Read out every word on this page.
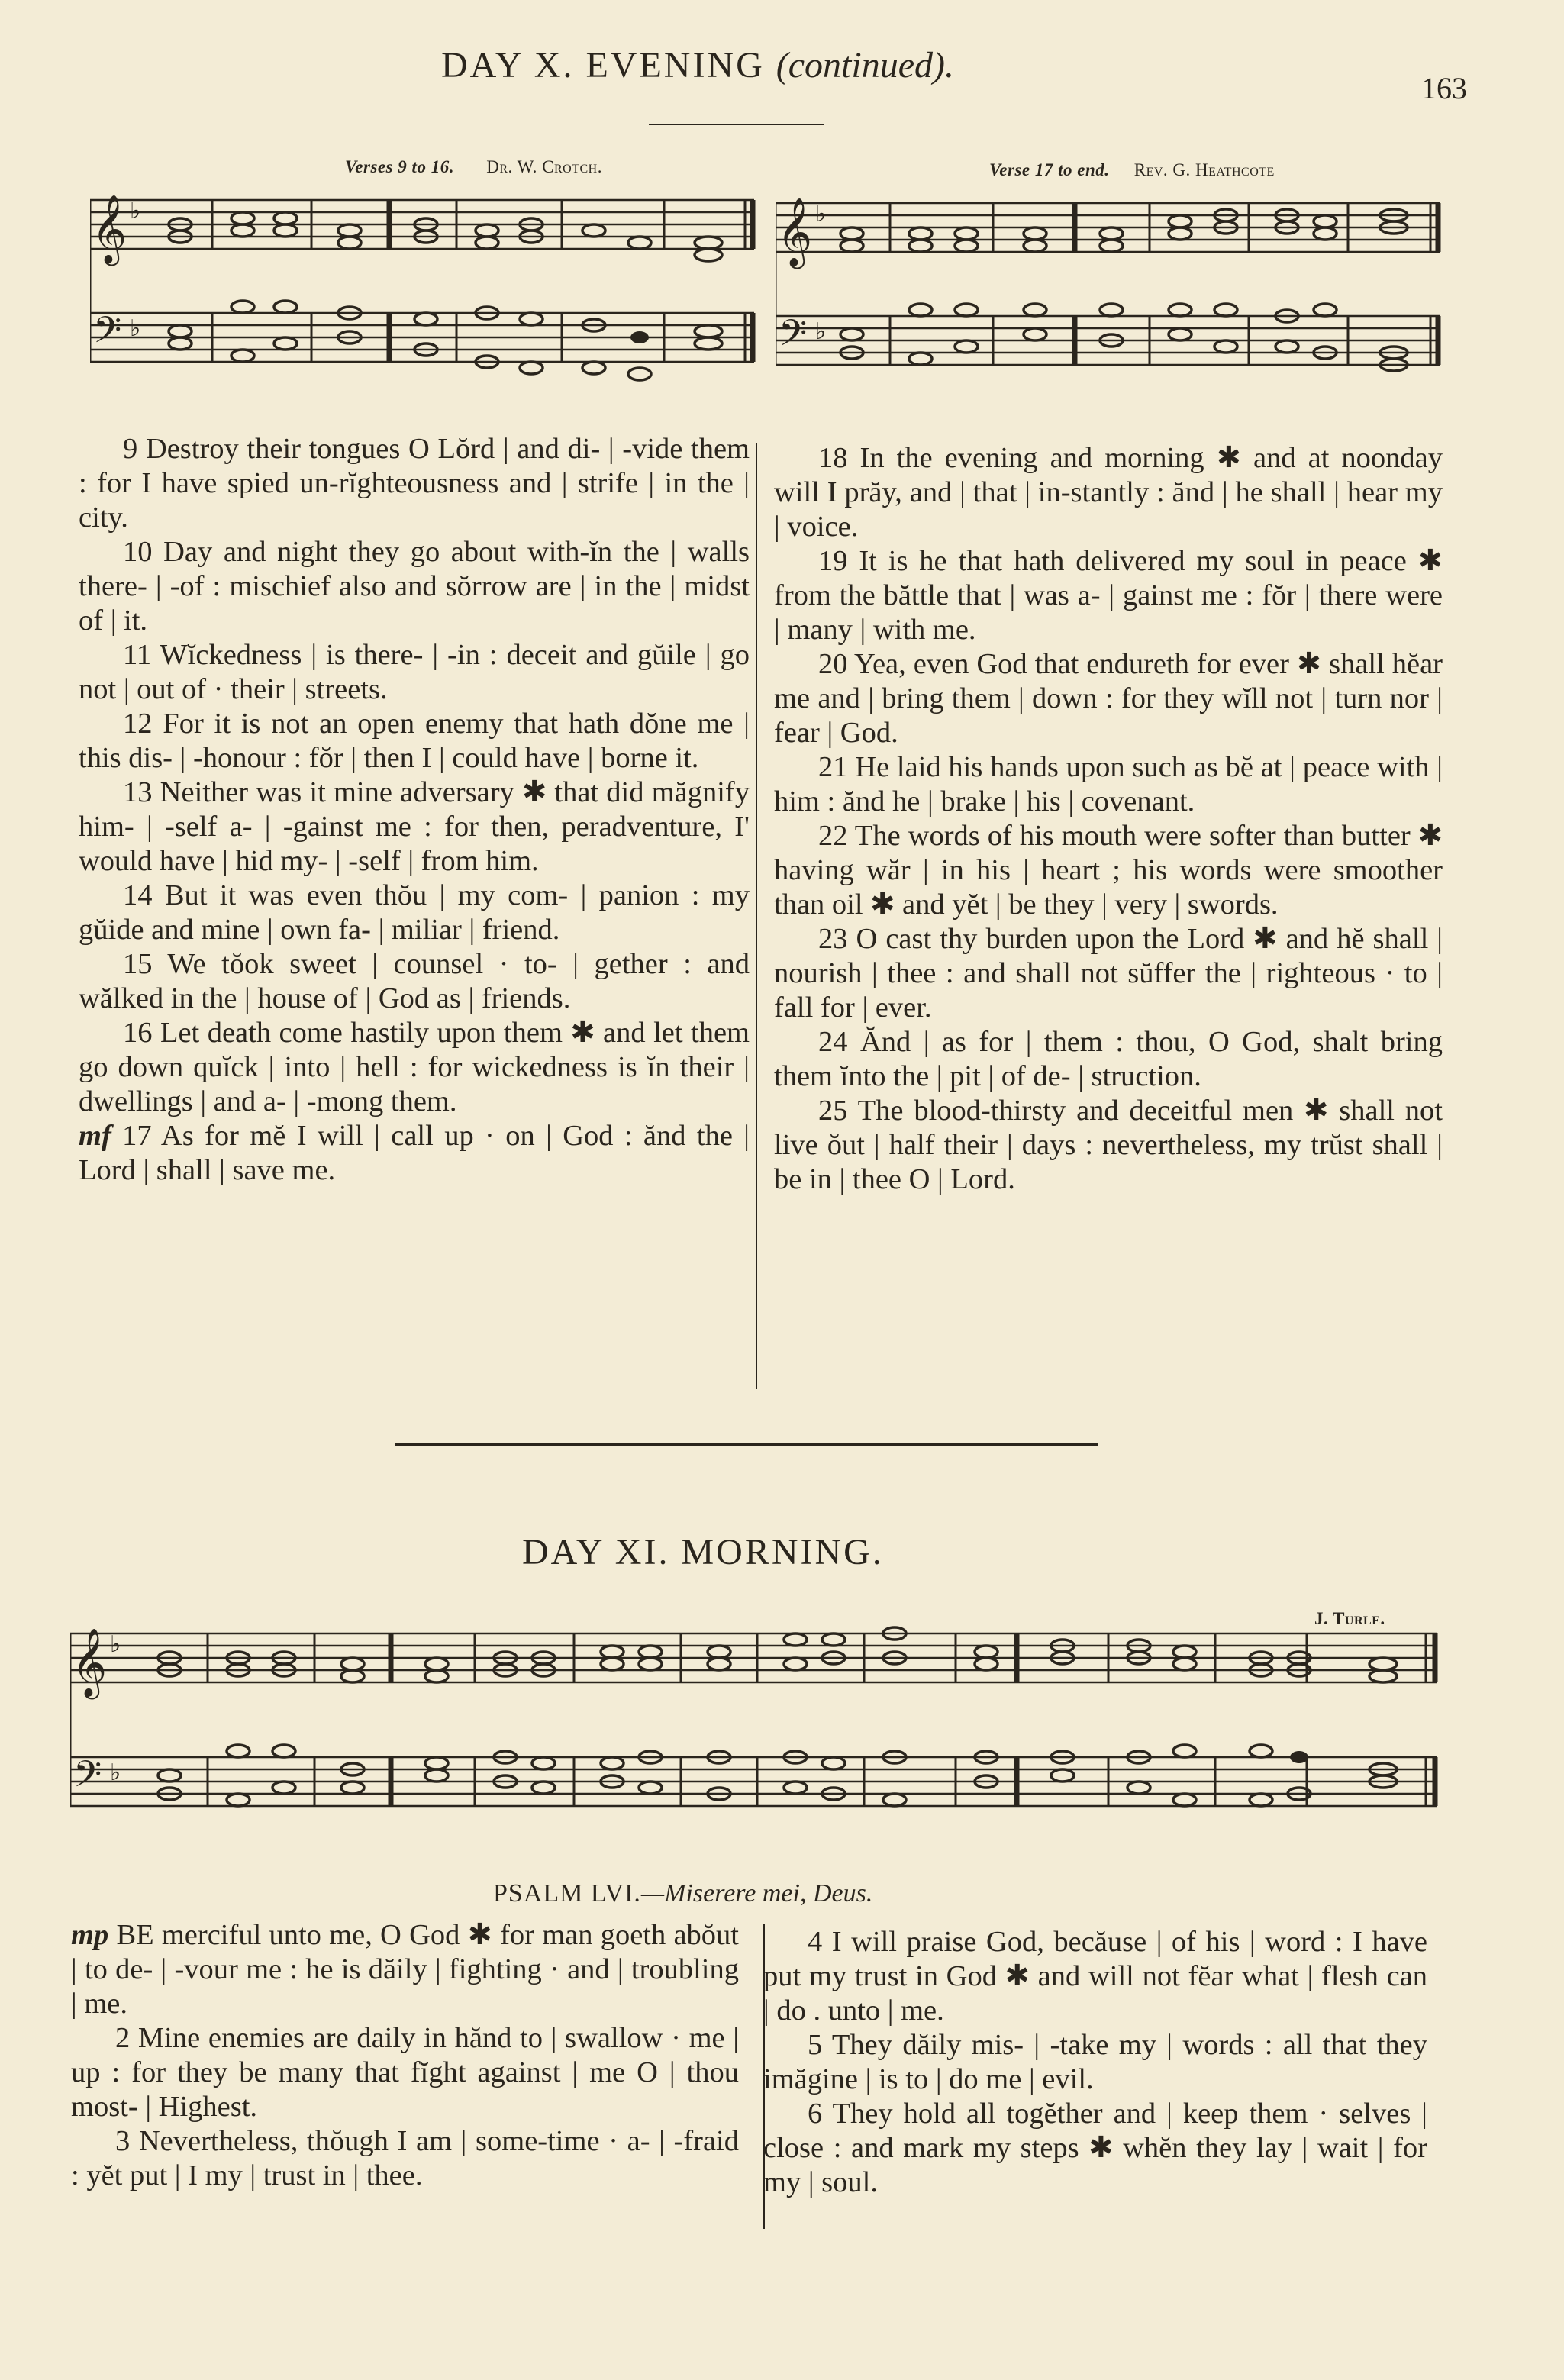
DAY X. EVENING (continued).
163
Verses 9 to 16. Dr. W. Crotch.	Verse 17 to end. Rev. G. Heathcote
𝄞
𝄢
♭
♭
𝄞
𝄢
♭
♭

9 Destroy their tongues O Lŏrd | and di- | -vide them : for I have spied un-rĭghteousness and | strife | in the | city.

10 Day and night they go about with-ĭn the | walls there- | -of : mischief also and sŏrrow are | in the | midst of | it.

11 Wĭckedness | is there- | -in : deceit and gŭile | go not | out of · their | streets.

12 For it is not an open enemy that hath dŏne me | this dis- | -honour : fŏr | then I | could have | borne it.

13 Neither was it mine adversary ✱ that did măgnify him- | -self a- | -gainst me : for then, peradventure, I' would have | hid my- | -self | from him.

14 But it was even thŏu | my com- | panion : my gŭide and mine | own fa- | miliar | friend.

15 We tŏok sweet | counsel · to- | gether : and wălked in the | house of | God as | friends.

16 Let death come hastily upon them ✱ and let them go down quĭck | into | hell : for wickedness is ĭn their | dwellings | and a- | -mong them.

mf 17 As for mĕ I will | call up · on | God : ănd the | Lord | shall | save me.

18 In the evening and morning ✱ and at noonday will I prăy, and | that | in-stantly : ănd | he shall | hear my | voice.

19 It is he that hath delivered my soul in peace ✱ from the băttle that | was a- | gainst me : fŏr | there were | many | with me.

20 Yea, even God that endureth for ever ✱ shall hĕar me and | bring them | down : for they wĭll not | turn nor | fear | God.

21 He laid his hands upon such as bĕ at | peace with | him : ănd he | brake | his | covenant.

22 The words of his mouth were softer than butter ✱ having wăr | in his | heart ; his words were smoother than oil ✱ and yĕt | be they | very | swords.

23 O cast thy burden upon the Lord ✱ and hĕ shall | nourish | thee : and shall not sŭffer the | righteous · to | fall for | ever.

24 Ănd | as for | them : thou, O God, shalt bring them ĭnto the | pit | of de- | struction.

25 The blood-thirsty and deceitful men ✱ shall not live ŏut | half their | days : nevertheless, my trŭst shall | be in | thee O | Lord.

DAY XI. MORNING.
J. Turle.
𝄞
𝄢
♭
♭
PSALM LVI.—Miserere mei, Deus.

mp BE merciful unto me, O God ✱ for man goeth abŏut | to de- | -vour me : he is dăily | fighting · and | troubling | me.

2 Mine enemies are daily in hănd to | swallow · me | up : for they be many that fĭght against | me O | thou most- | Highest.

3 Nevertheless, thŏugh I am | some-time · a- | -fraid : yĕt put | I my | trust in | thee.

4 I will praise God, becăuse | of his | word : I have put my trust in God ✱ and will not fĕar what | flesh can | do . unto | me.

5 They dăily mis- | -take my | words : all that they imăgine | is to | do me | evil.

6 They hold all togĕther and | keep them · selves | close : and mark my steps ✱ whĕn they lay | wait | for my | soul.
